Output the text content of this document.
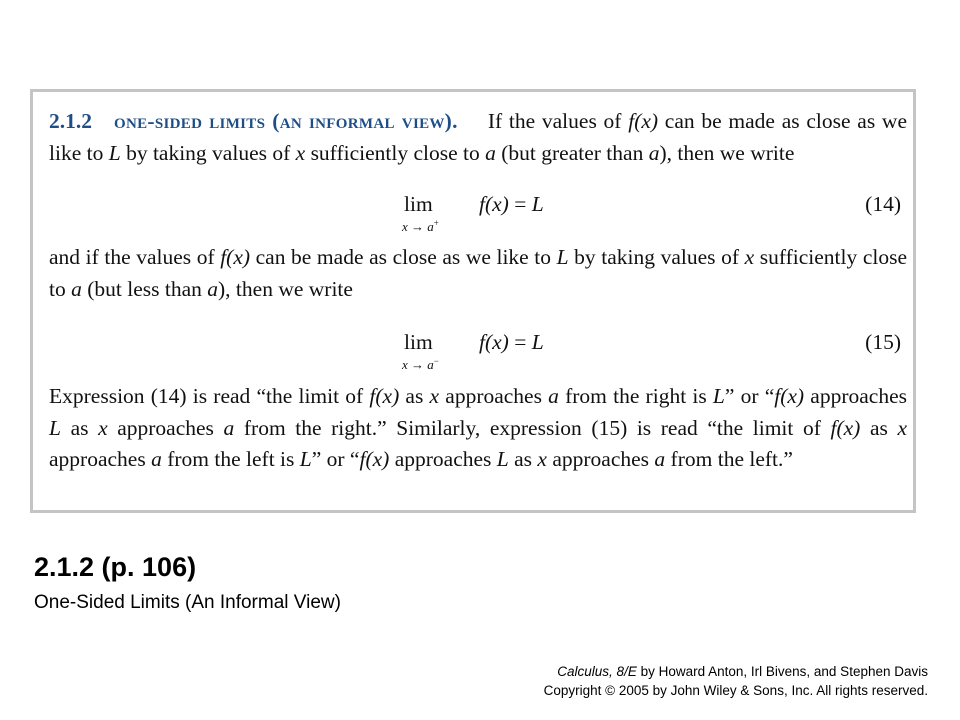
2.1.2 one-sided limits (an informal view). If the values of f(x) can be made as close as we like to L by taking values of x sufficiently close to a (but greater than a), then we write
lim
x → a+
f(x) = L	(14)
and if the values of f(x) can be made as close as we like to L by taking values of x sufficiently close to a (but less than a), then we write
lim
x → a−
f(x) = L	(15)
Expression (14) is read “the limit of f(x) as x approaches a from the right is L” or “f(x) approaches L as x approaches a from the right.” Similarly, expression (15) is read “the limit of f(x) as x approaches a from the left is L” or “f(x) approaches L as x approaches a from the left.”
2.1.2 (p. 106)
One-Sided Limits (An Informal View)
Calculus, 8/E by Howard Anton, Irl Bivens, and Stephen Davis
Copyright © 2005 by John Wiley & Sons, Inc. All rights reserved.
